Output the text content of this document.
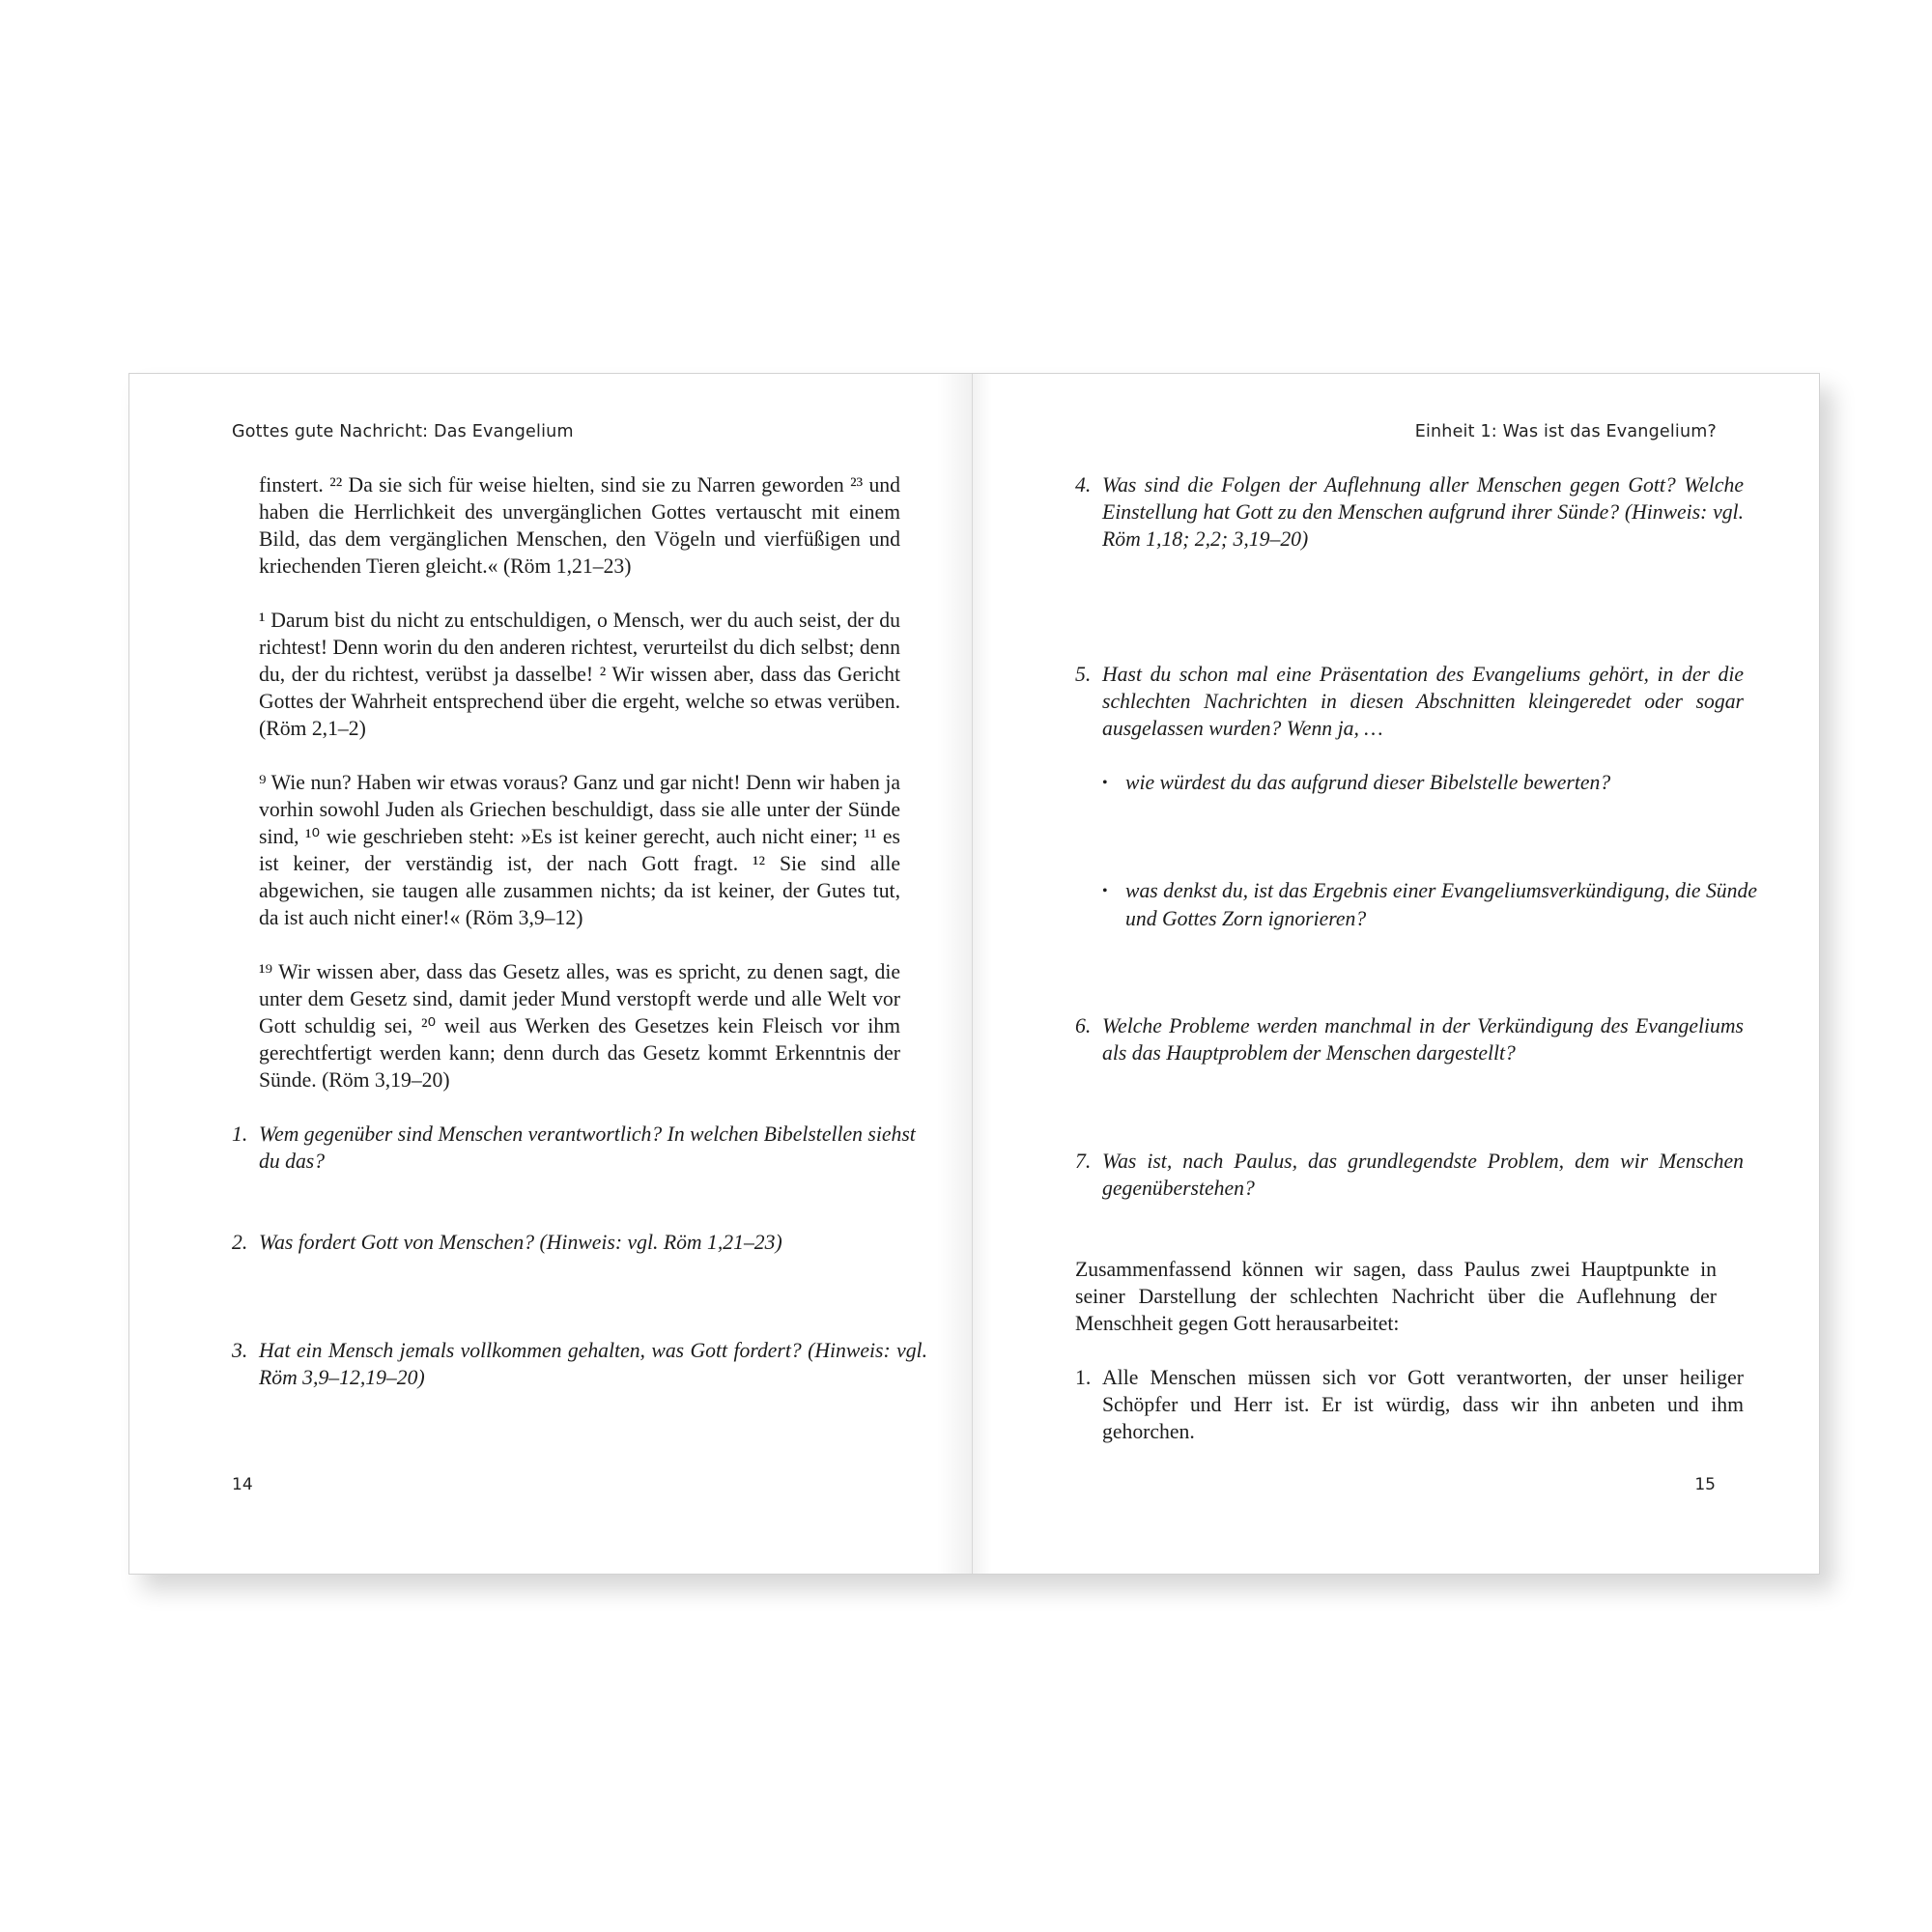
Gottes gute Nachricht: Das Evangelium

finstert. ²² Da sie sich für weise hielten, sind sie zu Narren geworden ²³ und haben die Herrlichkeit des unvergänglichen Gottes vertauscht mit einem Bild, das dem vergänglichen Menschen, den Vögeln und vierfüßigen und kriechenden Tieren gleicht.« (Röm 1,21–23)

¹ Darum bist du nicht zu entschuldigen, o Mensch, wer du auch seist, der du richtest! Denn worin du den anderen richtest, verurteilst du dich selbst; denn du, der du richtest, verübst ja dasselbe! ² Wir wissen aber, dass das Gericht Gottes der Wahrheit entsprechend über die ergeht, welche so etwas verüben. (Röm 2,1–2)

⁹ Wie nun? Haben wir etwas voraus? Ganz und gar nicht! Denn wir haben ja vorhin sowohl Juden als Griechen beschuldigt, dass sie alle unter der Sünde sind, ¹⁰ wie geschrieben steht: »Es ist keiner gerecht, auch nicht einer; ¹¹ es ist keiner, der verständig ist, der nach Gott fragt. ¹² Sie sind alle abgewichen, sie taugen alle zusammen nichts; da ist keiner, der Gutes tut, da ist auch nicht einer!« (Röm 3,9–12)

¹⁹ Wir wissen aber, dass das Gesetz alles, was es spricht, zu denen sagt, die unter dem Gesetz sind, damit jeder Mund verstopft werde und alle Welt vor Gott schuldig sei, ²⁰ weil aus Werken des Gesetzes kein Fleisch vor ihm gerechtfertigt werden kann; denn durch das Gesetz kommt Erkenntnis der Sünde. (Röm 3,19–20)

1. Wem gegenüber sind Menschen verantwortlich? In welchen Bibelstellen siehst du das?

2. Was fordert Gott von Menschen? (Hinweis: vgl. Röm 1,21–23)

3. Hat ein Mensch jemals vollkommen gehalten, was Gott fordert? (Hinweis: vgl. Röm 3,9–12,19–20)

14
Einheit 1: Was ist das Evangelium?

4. Was sind die Folgen der Auflehnung aller Menschen gegen Gott? Welche Einstellung hat Gott zu den Menschen aufgrund ihrer Sünde? (Hinweis: vgl. Röm 1,18; 2,2; 3,19–20)

5. Hast du schon mal eine Präsentation des Evangeliums gehört, in der die schlechten Nachrichten in diesen Abschnitten kleingeredet oder sogar ausgelassen wurden? Wenn ja, …

• wie würdest du das aufgrund dieser Bibelstelle bewerten?

• was denkst du, ist das Ergebnis einer Evangeliumsverkündigung, die Sünde und Gottes Zorn ignorieren?

6. Welche Probleme werden manchmal in der Verkündigung des Evangeliums als das Hauptproblem der Menschen dargestellt?

7. Was ist, nach Paulus, das grundlegendste Problem, dem wir Menschen gegenüberstehen?

Zusammenfassend können wir sagen, dass Paulus zwei Hauptpunkte in seiner Darstellung der schlechten Nachricht über die Auflehnung der Menschheit gegen Gott herausarbeitet:

1. Alle Menschen müssen sich vor Gott verantworten, der unser heiliger Schöpfer und Herr ist. Er ist würdig, dass wir ihn anbeten und ihm gehorchen.

15
